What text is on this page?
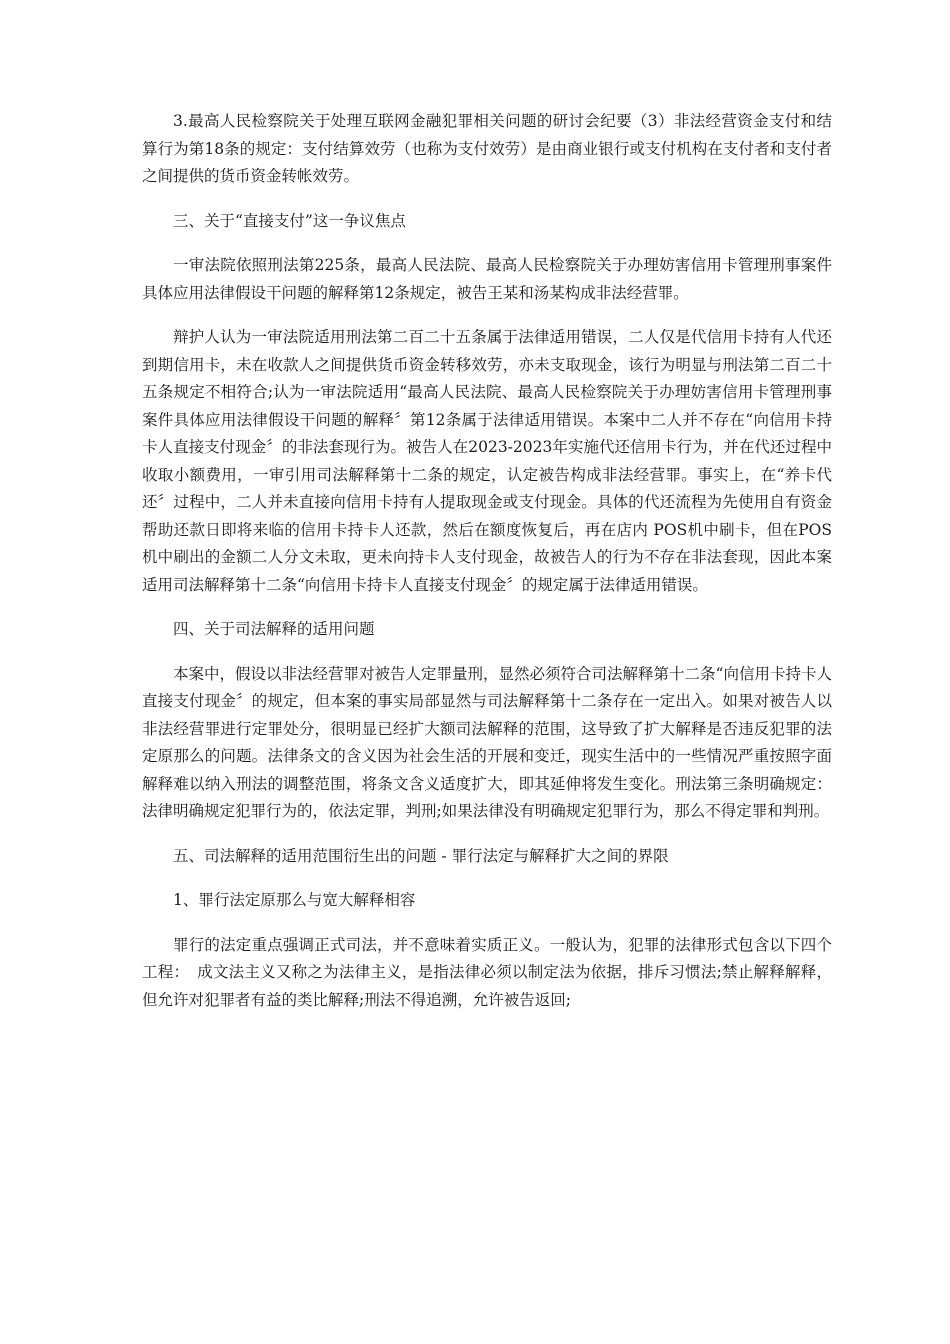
3.最高人民检察院关于处理互联网金融犯罪相关问题的研讨会纪要（3）非法经营资金支付和结算行为第18条的规定：支付结算效劳（也称为支付效劳）是由商业银行或支付机构在支付者和支付者之间提供的货币资金转帐效劳。

三、关于“直接支付”这一争议焦点

一审法院依照刑法第225条，最高人民法院、最高人民检察院关于办理妨害信用卡管理刑事案件具体应用法律假设干问题的解释第12条规定，被告王某和汤某构成非法经营罪。

辩护人认为一审法院适用刑法第二百二十五条属于法律适用错误，二人仅是代信用卡持有人代还到期信用卡，未在收款人之间提供货币资金转移效劳，亦未支取现金，该行为明显与刑法第二百二十五条规定不相符合;认为一审法院适用“最高人民法院、最高人民检察院关于办理妨害信用卡管理刑事案件具体应用法律假设干问题的解释〞第12条属于法律适用错误。本案中二人并不存在“向信用卡持卡人直接支付现金〞的非法套现行为。被告人在2023-2023年实施代还信用卡行为，并在代还过程中收取小额费用，一审引用司法解释第十二条的规定，认定被告构成非法经营罪。事实上，在“养卡代还〞过程中，二人并未直接向信用卡持有人提取现金或支付现金。具体的代还流程为先使用自有资金帮助还款日即将来临的信用卡持卡人还款，然后在额度恢复后，再在店内 POS机中刷卡，但在POS机中刷出的金额二人分文未取，更未向持卡人支付现金，故被告人的行为不存在非法套现，因此本案适用司法解释第十二条“向信用卡持卡人直接支付现金〞的规定属于法律适用错误。

四、关于司法解释的适用问题

本案中，假设以非法经营罪对被告人定罪量刑，显然必须符合司法解释第十二条“向信用卡持卡人直接支付现金〞的规定，但本案的事实局部显然与司法解释第十二条存在一定出入。如果对被告人以非法经营罪进行定罪处分，很明显已经扩大额司法解释的范围，这导致了扩大解释是否违反犯罪的法定原那么的问题。法律条文的含义因为社会生活的开展和变迁，现实生活中的一些情况严重按照字面解释难以纳入刑法的调整范围，将条文含义适度扩大，即其延伸将发生变化。刑法第三条明确规定：法律明确规定犯罪行为的，依法定罪，判刑;如果法律没有明确规定犯罪行为，那么不得定罪和判刑。

五、司法解释的适用范围衍生出的问题 - 罪行法定与解释扩大之间的界限

1、罪行法定原那么与宽大解释相容

罪行的法定重点强调正式司法，并不意味着实质正义。一般认为，犯罪的法律形式包含以下四个工程：　成文法主义又称之为法律主义，是指法律必须以制定法为依据，排斥习惯法;禁止解释解释，但允许对犯罪者有益的类比解释;刑法不得追溯，允许被告返回;
